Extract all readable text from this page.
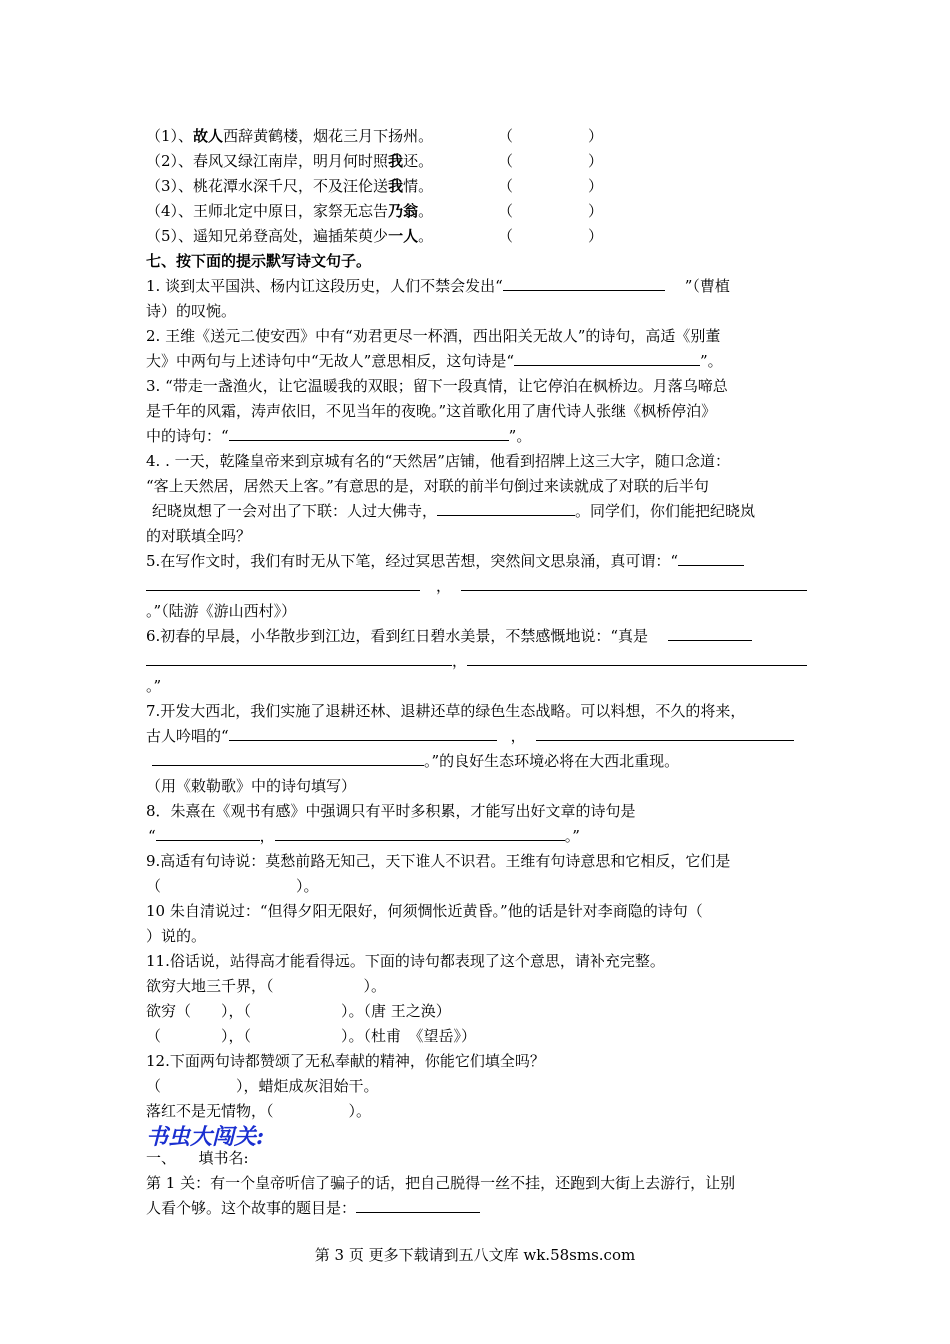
（1）、故人西辞黄鹤楼，烟花三月下扬州。	（　　　　　）
（2）、春风又绿江南岸，明月何时照我还。	（　　　　　）
（3）、桃花潭水深千尺，不及汪伦送我情。	（　　　　　）
（4）、王师北定中原日，家祭无忘告乃翁。	（　　　　　）
（5）、遥知兄弟登高处，遍插茱萸少一人。	（　　　　　）
七、按下面的提示默写诗文句子。
1. 谈到太平国洪、杨内讧这段历史，人们不禁会发出“	”（曹植
诗）的叹惋。
2. 王维《送元二使安西》中有“劝君更尽一杯酒，西出阳关无故人”的诗句，高适《别董
大》中两句与上述诗句中“无故人”意思相反，这句诗是“	”。
3. “带走一盏渔火，让它温暖我的双眼；留下一段真情，让它停泊在枫桥边。月落乌啼总
是千年的风霜，涛声依旧，不见当年的夜晚。”这首歌化用了唐代诗人张继《枫桥停泊》
中的诗句：“	”。
4. . 一天，乾隆皇帝来到京城有名的“天然居”店铺，他看到招牌上这三大字，随口念道：
“客上天然居，居然天上客。”有意思的是，对联的前半句倒过来读就成了对联的后半句
纪晓岚想了一会对出了下联：人过大佛寺，	。同学们，你们能把纪晓岚
的对联填全吗？
5.在写作文时，我们有时无从下笔，经过冥思苦想，突然间文思泉涌，真可谓：“
，
。”（陆游《游山西村》）
6.初春的早晨，小华散步到江边，看到红日碧水美景，不禁感慨地说：“真是
，
。”
7.开发大西北，我们实施了退耕还林、退耕还草的绿色生态战略。可以料想，不久的将来，
古人吟唱的“	，
。”的良好生态环境必将在大西北重现。
（用《敕勒歌》中的诗句填写）
8．朱熹在《观书有感》中强调只有平时多积累，才能写出好文章的诗句是
“	，	。”
9.高适有句诗说：莫愁前路无知己，天下谁人不识君。王维有句诗意思和它相反，它们是
（　　　　　　　　　）。
10 朱自清说过：“但得夕阳无限好，何须惆怅近黄昏。”他的话是针对李商隐的诗句（
）说的。
11.俗话说，站得高才能看得远。下面的诗句都表现了这个意思，请补充完整。
欲穷大地三千界，（　　　　　　）。
欲穷（　　），（　　　　　　）。（唐 王之涣）
（　　　　），（　　　　　　）。（杜甫　《望岳》）
12.下面两句诗都赞颂了无私奉献的精神，你能它们填全吗？
（　　　　　），蜡炬成灰泪始干。
落红不是无情物，（　　　　　）。
书虫大闯关:
一、　　填书名:
第 1 关：有一个皇帝听信了骗子的话，把自己脱得一丝不挂，还跑到大街上去游行，让别
人看个够。这个故事的题目是：
第 3 页 更多下载请到五八文库 wk.58sms.com
